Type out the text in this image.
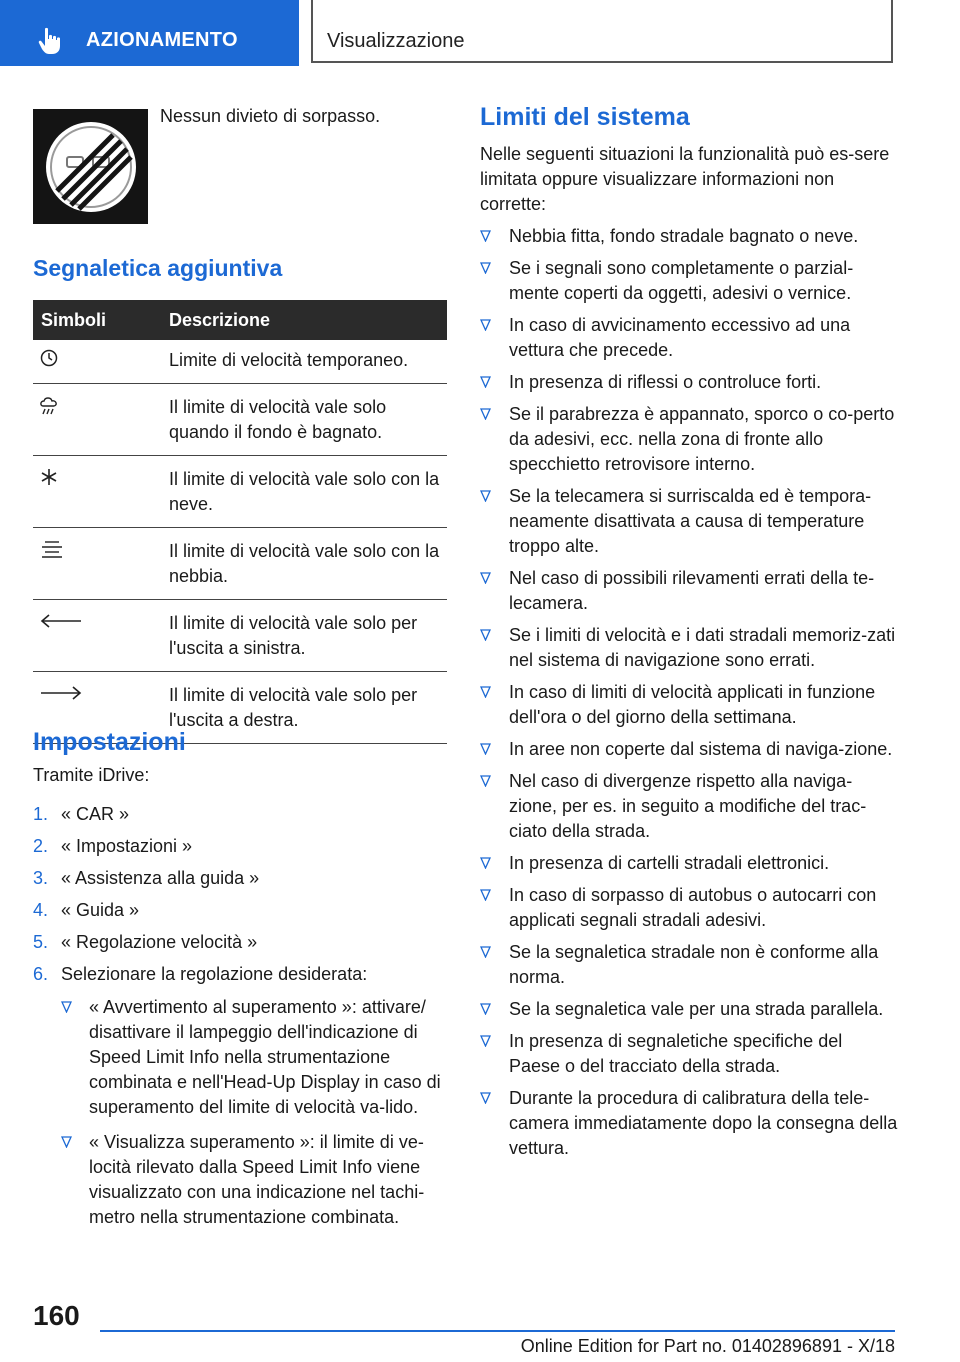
AZIONAMENTO	Visualizzazione
Nessun divieto di sorpasso.
Segnaletica aggiuntiva
Simboli	Descrizione
	Limite di velocità temporaneo.
	Il limite di velocità vale solo quando il fondo è bagnato.
	Il limite di velocità vale solo con la neve.
	Il limite di velocità vale solo con la nebbia.
	Il limite di velocità vale solo per l'uscita a sinistra.
	Il limite di velocità vale solo per l'uscita a destra.
Impostazioni
Tramite iDrive:
1. « CAR »
2. « Impostazioni »
3. « Assistenza alla guida »
4. « Guida »
5. « Regolazione velocità »
6. Selezionare la regolazione desiderata:
« Avvertimento al superamento »: attivare/ disattivare il lampeggio dell'indicazione di Speed Limit Info nella strumentazione combinata e nell'Head-Up Display in caso di superamento del limite di velocità va-lido.
« Visualizza superamento »: il limite di ve-locità rilevato dalla Speed Limit Info viene visualizzato con una indicazione nel tachi-metro nella strumentazione combinata.
Limiti del sistema
Nelle seguenti situazioni la funzionalità può es-sere limitata oppure visualizzare informazioni non corrette:
Nebbia fitta, fondo stradale bagnato o neve.
Se i segnali sono completamente o parzial-mente coperti da oggetti, adesivi o vernice.
In caso di avvicinamento eccessivo ad una vettura che precede.
In presenza di riflessi o controluce forti.
Se il parabrezza è appannato, sporco o co-perto da adesivi, ecc. nella zona di fronte allo specchietto retrovisore interno.
Se la telecamera si surriscalda ed è tempora-neamente disattivata a causa di temperature troppo alte.
Nel caso di possibili rilevamenti errati della te-lecamera.
Se i limiti di velocità e i dati stradali memoriz-zati nel sistema di navigazione sono errati.
In caso di limiti di velocità applicati in funzione dell'ora o del giorno della settimana.
In aree non coperte dal sistema di naviga-zione.
Nel caso di divergenze rispetto alla naviga-zione, per es. in seguito a modifiche del trac-ciato della strada.
In presenza di cartelli stradali elettronici.
In caso di sorpasso di autobus o autocarri con applicati segnali stradali adesivi.
Se la segnaletica stradale non è conforme alla norma.
Se la segnaletica vale per una strada parallela.
In presenza di segnaletiche specifiche del Paese o del tracciato della strada.
Durante la procedura di calibratura della tele-camera immediatamente dopo la consegna della vettura.
160
Online Edition for Part no. 01402896891 - X/18
